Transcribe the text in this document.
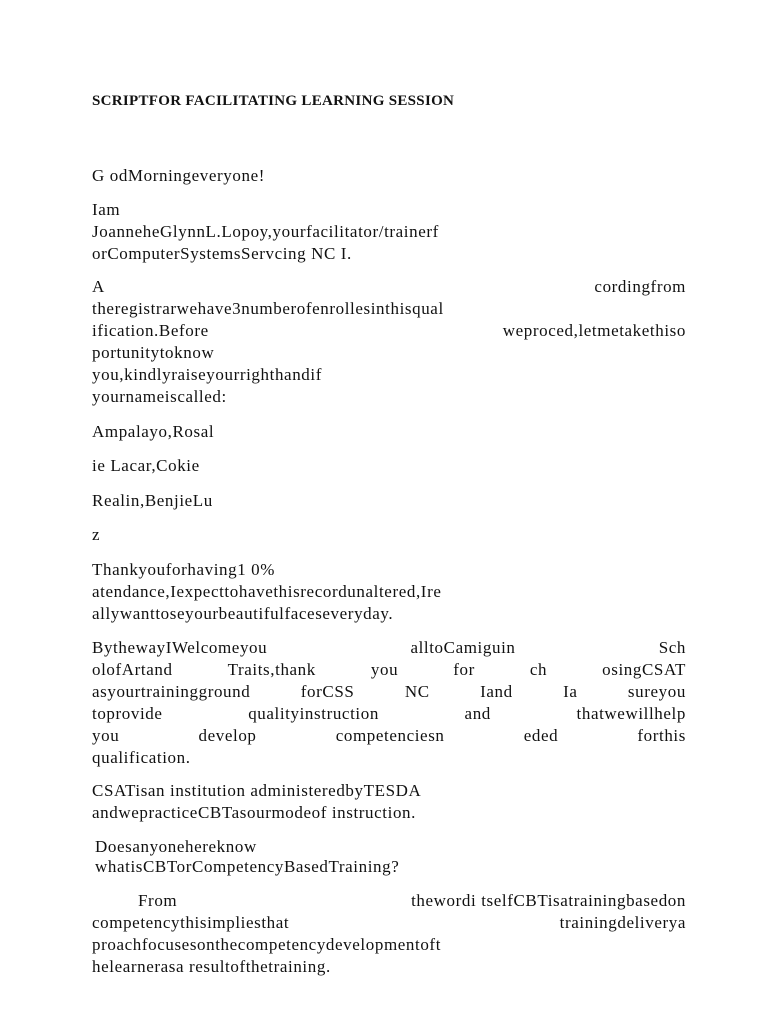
SCRIPTFOR FACILITATING LEARNING SESSION
G odMorningeveryone!
Iam
JoanneheGlynnL.Lopoy,yourfacilitator/trainerf
orComputerSystemsServcing NC I.
A	cordingfrom
theregistrarwehave3numberofenrollesinthisqual
ification.Before	weproced,letmetakethiso
portunitytoknow
you,kindlyraiseyourrighthandif
yournameiscalled:
Ampalayo,Rosal
ie Lacar,Cokie
Realin,BenjieLu
z
Thankyouforhaving1 0%
atendance,Iexpecttohavethisrecordunaltered,Ire
allywanttoseyourbeautifulfaceseveryday.
BythewayIWelcomeyou	alltoCamiguin	Sch
olofArtand	Traits,thank	you	for	ch	osingCSAT
asyourtrainingground	forCSS	NC	Iand	Ia	sureyou
toprovide	qualityinstruction	and	thatwewillhelp
you	develop	competenciesn	eded	forthis
qualification.
CSATisan institution administeredbyTESDA
andwepracticeCBTasourmodeof instruction.
Doesanyonehereknow
whatisCBTorCompetencyBasedTraining?
From	thewordi tselfCBTisatrainingbasedon
competencythisimpliesthat	trainingdeliverya
proachfocusesonthecompetencydevelopmentoft
helearnerasa resultofthetraining.
